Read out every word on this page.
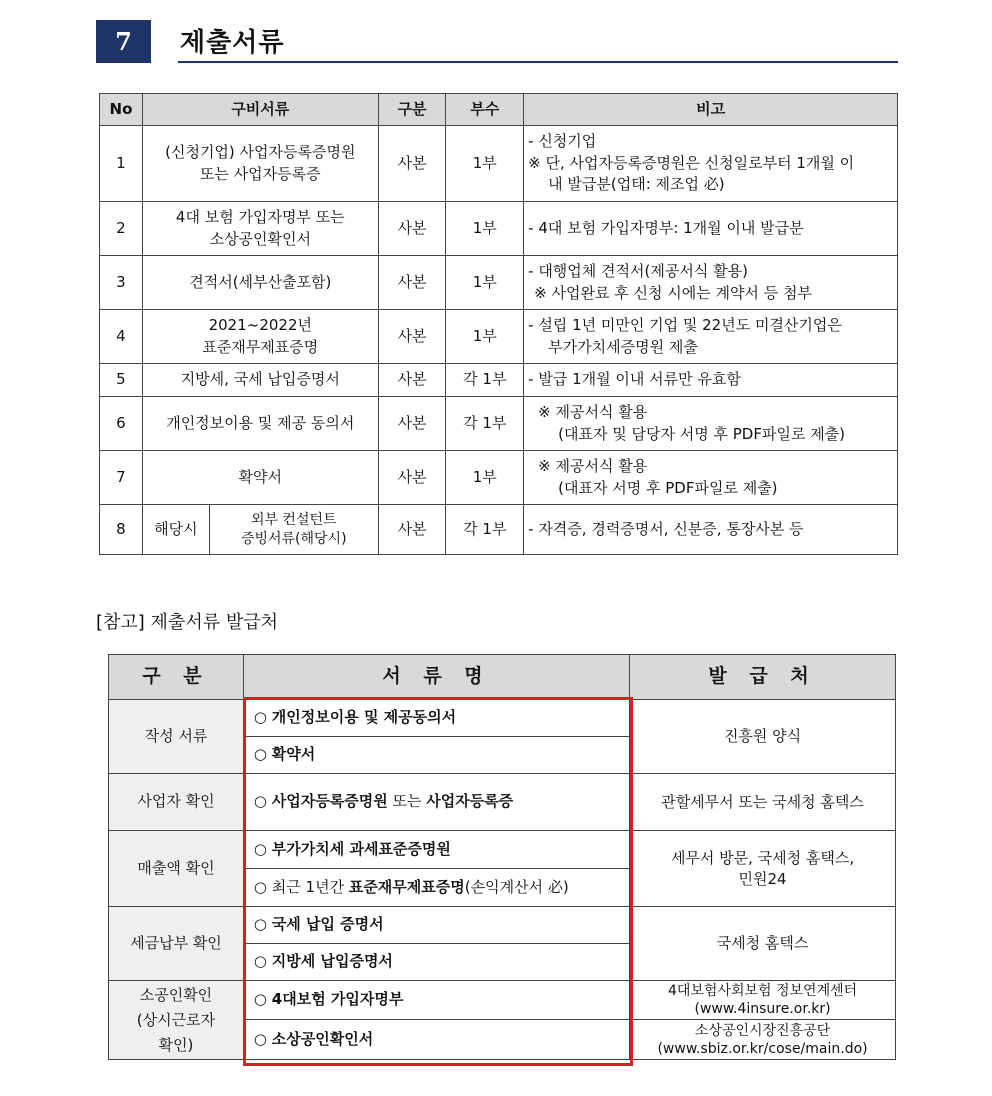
7	제출서류
No	구비서류		구분	부수	비고
1	(신청기업) 사업자등록증명원
또는 사업자등록증		사본	1부	- 신청기업
※ 단, 사업자등록증명원은 신청일로부터 1개월 이
내 발급분(업태: 제조업 必)

2	4대 보험 가입자명부 또는
소상공인확인서		사본	1부	- 4대 보험 가입자명부: 1개월 이내 발급분

3	견적서(세부산출포함)		사본	1부	- 대행업체 견적서(제공서식 활용)
※ 사업완료 후 신청 시에는 계약서 등 첨부

4	2021~2022년
표준재무제표증명		사본	1부	- 설립 1년 미만인 기업 및 22년도 미결산기업은
부가가치세증명원 제출

5	지방세, 국세 납입증명서		사본	각 1부	- 발급 1개월 이내 서류만 유효함

6	개인정보이용 및 제공 동의서		사본	각 1부	※ 제공서식 활용
(대표자 및 담당자 서명 후 PDF파일로 제출)

7	확약서		사본	1부	※ 제공서식 활용
(대표자 서명 후 PDF파일로 제출)

8	해당시	외부 컨설턴트
증빙서류(해당시)	사본	각 1부	- 자격증, 경력증명서, 신분증, 통장사본 등
[참고] 제출서류 발급처
구 분	서 류 명	발 급 처

작성 서류	○ 개인정보이용 및 제공동의서	진흥원 양식

	○ 확약서	

사업자 확인	○ 사업자등록증명원 또는 사업자등록증	관할세무서 또는 국세청 홈텍스

매출액 확인	○ 부가가치세 과세표준증명원	세무서 방문, 국세청 홈택스,
민원24

	○ 최근 1년간 표준재무제표증명(손익계산서 必)	

세금납부 확인	○ 국세 납입 증명서	국세청 홈텍스

	○ 지방세 납입증명서	

소공인확인
(상시근로자
확인)	○ 4대보험 가입자명부	4대보험사회보험 정보연계센터
(www.4insure.or.kr)

	○ 소상공인확인서	소상공인시장진흥공단
(www.sbiz.or.kr/cose/main.do)
